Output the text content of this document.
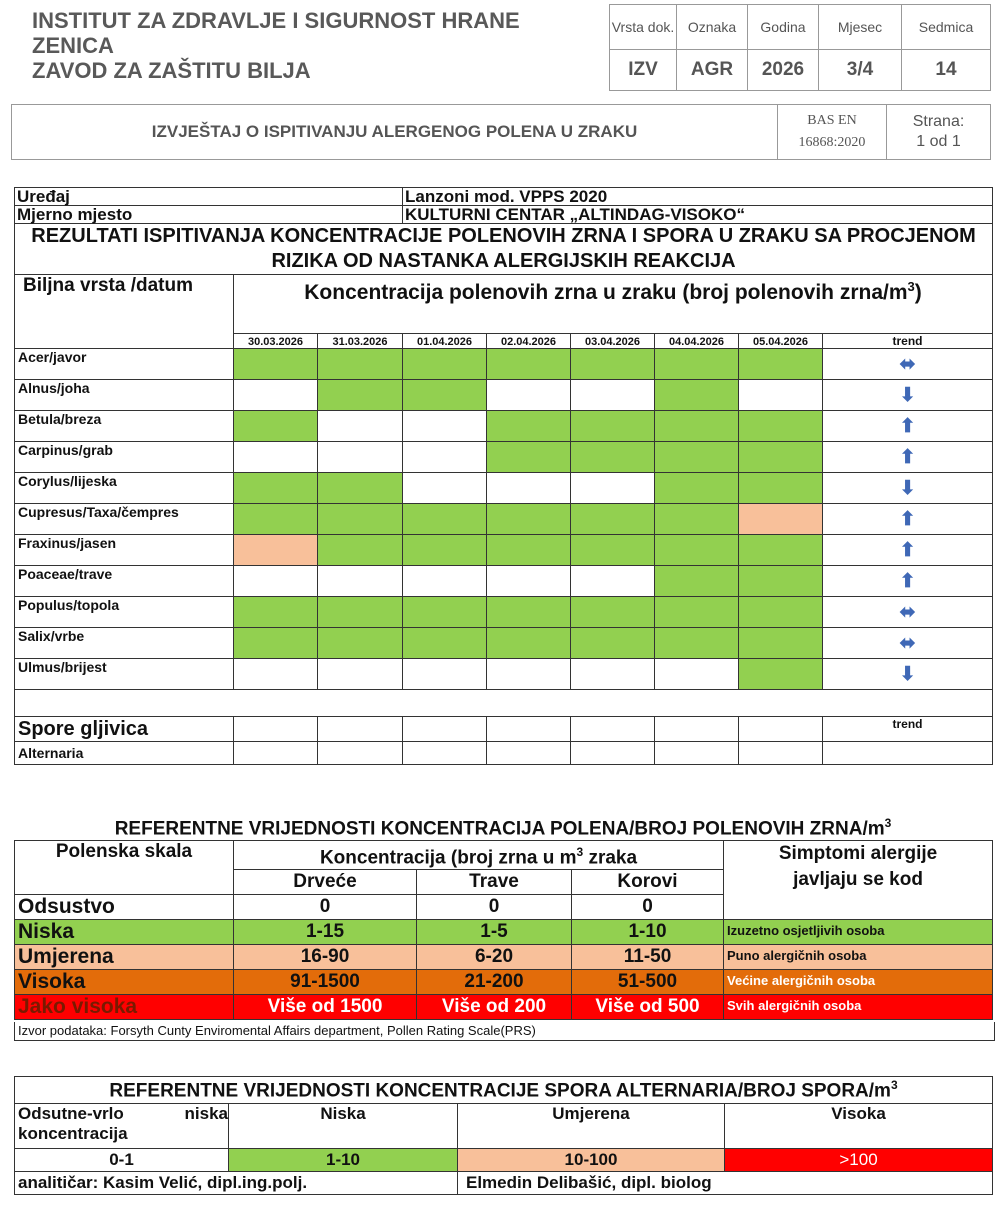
INSTITUT ZA ZDRAVLJE I SIGURNOST HRANE
ZENICA
ZAVOD ZA ZAŠTITU BILJA
Vrsta dok.	Oznaka	Godina	Mjesec	Sedmica
IZV	AGR	2026	3/4	14
IZVJEŠTAJ O ISPITIVANJU ALERGENOG POLENA U ZRAKU	BAS EN 16868:2020	
Strana:
1 od 1
Uređaj			Lanzoni mod. VPPS 2020					
Mjerno mjesto			KULTURNI CENTAR „ALTINDAG-VISOKO“					
REZULTATI ISPITIVANJA KONCENTRACIJE POLENOVIH ZRNA I SPORA U ZRAKU SA PROCJENOM RIZIKA OD NASTANKA ALERGIJSKIH REAKCIJA								
Biljna vrsta /datum	Koncentracija polenovih zrna u zraku (broj polenovih zrna/$m^3$)							
	30.03.2026	31.03.2026	01.04.2026	02.04.2026	03.04.2026	04.04.2026	05.04.2026	trend
Acer/javor								⬌
Alnus/joha								⬇
Betula/breza								⬆
Carpinus/grab								⬆
Corylus/lijeska								⬇
Cupresus/Taxa/čempres								⬆
Fraxinus/jasen								⬆
Poaceae/trave								⬆
Populus/topola								⬌
Salix/vrbe								⬌
Ulmus/brijest								⬇

Spore gljivica								trend
Alternaria								
REFERENTNE VRIJEDNOSTI KONCENTRACIJA POLENA/BROJ POLENOVIH ZRNA/$m^3$
Polenska skala	Koncentracija (broj zrna u $m^3$ zraka			Simptomi alergije javljaju se kod
	Drveće	Trave	Korovi	
Odsustvo	0	0	0	
Niska	1-15	1-5	1-10	Izuzetno osjetljivih osoba
Umjerena	16-90	6-20	11-50	Puno alergičnih osoba
Visoka	91-1500	21-200	51-500	Većine alergičnih osoba
Jako visoka	Više od 1500	Više od 200	Više od 500	Svih alergičnih osoba
Izvor podataka: Forsyth Cunty Enviromental Affairs department, Pollen Rating Scale(PRS)
REFERENTNE VRIJEDNOSTI KONCENTRACIJE SPORA ALTERNARIA/BROJ SPORA/$m^3$
Odsutne-vrlo niska koncentracija	Niska	Umjerena	Visoka
0-1	1-10	10-100	>100
analitičar: Kasim Velić, dipl.ing.polj.		Elmedin Delibašić, dipl. biolog	
